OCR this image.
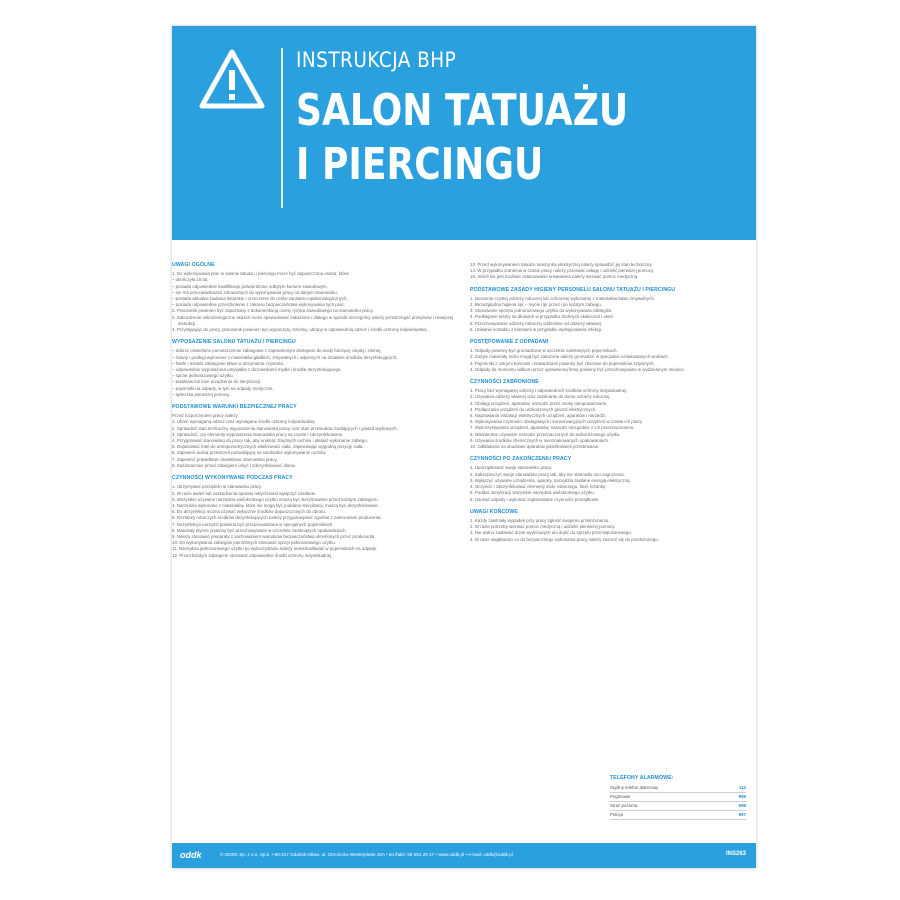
INSTRUKCJA BHP
SALON TATUAŻU
I PIERCINGU
UWAGI OGÓLNE

1. Do wykonywania prac w salonie tatuażu i piercingu może być dopuszczona osoba, która:

– ukończyła 18 lat,

– posiada odpowiednie kwalifikacje potwierdzone odbytym kursem zawodowym,

– nie ma przeciwwskazań zdrowotnych do wykonywania pracy na danym stanowisku,

– posiada aktualne badania lekarskie i orzeczenie do celów sanitarno-epidemiologicznych,

– posiada odpowiednie przeszkolenie z zakresu bezpieczeństwa wykonywania tych prac.

2. Pracownik powinien być zapoznany z dokumentacją oceny ryzyka zawodowego na stanowisku pracy.

3. Zabrudzenie mikrobiologiczne skażeń może spowodować zakażenie i dlatego w sposób szczególny należy przestrzegać przepisów i niniejszej instrukcji.

4. Przystępując do pracy, pracownik powinien być wypoczęty, trzeźwy, ubrany w odpowiednią odzież i środki ochrony indywidualnej.

WYPOSAŻENIE SALONU TATUAŻU I PIERCINGU

– dobrze oświetlone pomieszczenie zabiegowe z zapewnionym dostępem do wody bieżącej ciepłej i zimnej,

– ściany i podłogi wykonane z materiałów gładkich, zmywalnych i odpornych na działanie środków dezynfekujących,

– fotele i leżanki zabiegowe łatwe w utrzymaniu czystości,

– odpowiednio wyposażona umywalka z dozownikami mydła i środka dezynfekującego,

– sprzęt jednorazowego użytku,

– autoklaw lub inne urządzenie do sterylizacji,

– pojemniki na odpady, w tym na odpady medyczne,

– apteczka pierwszej pomocy.

PODSTAWOWE WARUNKI BEZPIECZNEJ PRACY

Przed rozpoczęciem pracy należy:

1. Ubrać wymaganą odzież oraz wymagane środki ochrony indywidualnej.

2. Sprawdzić stan techniczny wyposażenia stanowiska pracy oraz stan przewodów zasilających i gniazd wtykowych.

3. Sprawdzić, czy elementy wyposażenia stanowiska pracy są czyste i zdezynfekowane.

4. Przygotować stanowisko do pracy tak, aby uniknąć zbędnych ruchów i ułatwić wykonanie zabiegu.

5. Dopasować fotel do antropometrycznych właściwości ciała, zapewniając wygodną pozycję ciała.

6. Zapewnić wolną przestrzeń pozwalającą na swobodne wykonywanie ruchów.

7. Zapewnić prawidłowe oświetlenie stanowiska pracy.

8. Każdorazowo przed zabiegiem umyć i zdezynfekować dłonie.

CZYNNOŚCI WYKONYWANE PODCZAS PRACY

1. Utrzymywać porządek na stanowisku pracy.

2. W razie awarii lub uszkodzenia aparatu natychmiast wyłączyć zasilanie.

3. Wszystkie używane narzędzia wielokrotnego użytku muszą być sterylizowane przed każdym zabiegiem.

4. Narzędzia wykonane z materiałów, które nie mogą być poddane sterylizacji, muszą być dezynfekowane.

5. Do dezynfekcji można używać wyłącznie środków dopuszczonych do obrotu.

6. Roztwory roboczych środków dezynfekujących należy przygotowywać zgodnie z zaleceniami producenta.

7. Dezynfekcja narzędzi powinna być przeprowadzana w specjalnych pojemnikach.

8. Materiały płynne powinny być przechowywane w szczelnie zamkniętych opakowaniach.

9. Należy stosować preparaty z zachowaniem warunków bezpieczeństwa określonych przez producenta.

10. Do wykonywania zabiegów potrzebnych stosować sprzęt jednorazowego użytku.

11. Narzędzia jednorazowego użytku po wykorzystaniu należy unieszkodliwiać w pojemnikach na odpady.

12. Przed każdym zabiegiem stosować odpowiednie środki ochrony indywidualnej.

13. Przed wykonywaniem tatuażu maszynką elektryczną należy sprawdzić jej stan techniczny.

14. W przypadku zranienia w czasie pracy należy przerwać usługę i udzielić pierwszej pomocy.

15. Jeżeli nie jest możliwe zatamowanie krwawienia należy wezwać pomoc medyczną.

PODSTAWOWE ZASADY HIGIENY PERSONELU SALONU TATUAŻU I PIERCINGU

1. Noszenie czystej odzieży roboczej lub ochronnej wykonanej z materiałów łatwo zmywalnych.

2. Bezwzględna higiena rąk – mycie rąk przed i po każdym zabiegu.

3. Stosowanie sprzętu jednorazowego użytku do wykonywania zabiegów.

4. Podklejanie taśmy na dłoniach w przypadku drobnych skaleczeń i otarć.

5. Przechowywanie odzieży roboczej oddzielnie od odzieży własnej.

6. Unikanie kontaktu z klientami w przypadku występowania infekcji.

POSTĘPOWANIE Z ODPADAMI

1. Odpady powinny być gromadzone w szczelnie zamkniętych pojemnikach.

2. Zużyte materiały, które mogą być zakażone należy gromadzić w specjalnie oznakowanych workach.

3. Pojemniki z ostrymi końcami i krawędziami powinny być zbierane do pojemników sztywnych.

4. Odpady do momentu odbioru przez uprawnioną firmę powinny być przechowywane w wydzielonym miejscu.

CZYNNOŚCI ZABRONIONE

1. Pracy bez wymaganej odzieży i odpowiednich środków ochrony indywidualnej.

2. Używania odzieży własnej oraz zabieranie do domu odzieży roboczej.

3. Obsługi urządzeń, aparatów, narzędzi przez osoby nieupoważnione.

4. Podłączania urządzeń do uszkodzonych gniazd elektrycznych.

5. Naprawiania instalacji elektrycznych urządzeń, aparatów i narzędzi.

6. Wykonywania czynności obsługowych i konserwacyjnych urządzeń w czasie ich pracy.

7. Wykorzystywania urządzeń, aparatów, narzędzi niezgodnie z ich przeznaczeniem.

8. Wielokrotne używanie narzędzi przeznaczonych do jednorazowego użytku.

9. Używania środków chemicznych w nieoznakowanych opakowaniach.

10. Odkładania na obudowie aparatów jakichkolwiek przedmiotów.

CZYNNOŚCI PO ZAKOŃCZENIU PRACY

1. Uporządkować swoje stanowisko pracy.

2. Zabezpieczyć swoje stanowisko pracy tak, aby nie stanowiło ono zagrożenia.

3. Wyłączyć używane urządzenia, aparaty, narzędzia zasilane energią elektryczną.

4. Oczyścić i zdezynfekować elementy stołu roboczego, fotel, leżankę.

5. Poddać sterylizacji wszystkie narzędzia wielokrotnego użytku.

6. Usunąć odpady i wykonać zaplanowane czynności porządkowe.

UWAGI KOŃCOWE

1. Każdy zaistniały wypadek przy pracy zgłosić swojemu przełożonemu.

2. W razie potrzeby wezwać pomoc medyczną i udzielić pierwszej pomocy.

3. Nie wolno zasłaniać drzwi wyjściowych ani dojść do sprzętu przeciwpożarowego.

4. W razie wątpliwości co do bezpiecznego wykonania pracy należy zwrócić się do przełożonego.

TELEFONY ALARMOWE:
Ogólny telefon alarmowy	112
Pogotowie	999
Straż pożarna	998
Policja	997
oddk	© ODDK Sp. z o.o. Sp.k. • 80-317 Gdańsk-Oliwa, ul. Obrońców Westerplatte 32A • tel./faks: 58 554 29 17 • www.oddk.pl • e-mail: oddk@oddk.pl	INS263
